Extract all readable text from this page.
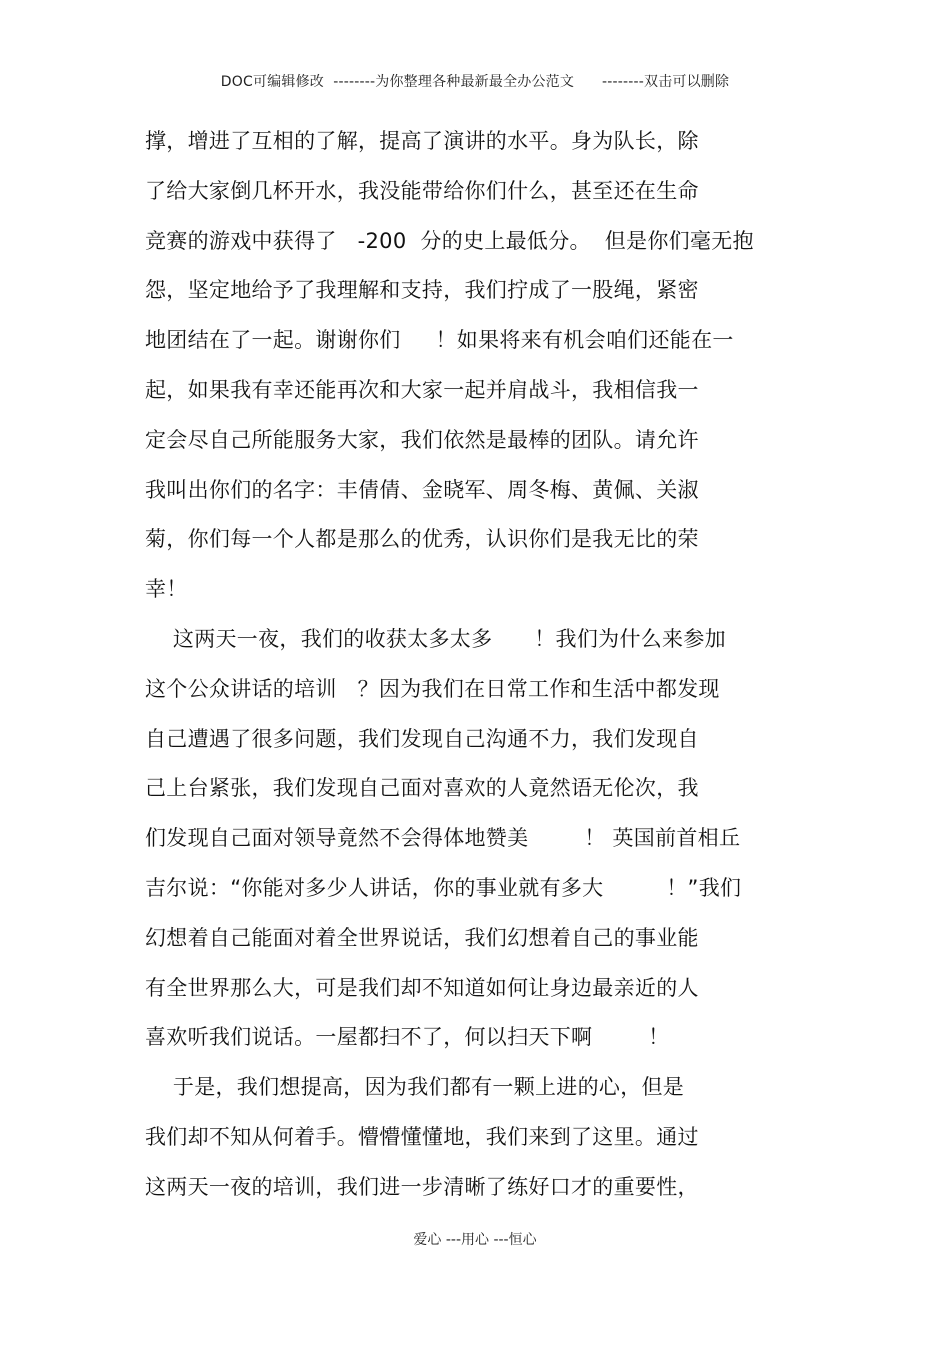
DOC可编辑修改  --------为你整理各种最新最全办公范文      --------双击可以删除
撑，增进了互相的了解，提高了演讲的水平。身为队长，除
了给大家倒几杯开水，我没能带给你们什么，甚至还在生命
竞赛的游戏中获得了   -200  分的史上最低分。  但是你们毫无抱
怨，坚定地给予了我理解和支持，我们拧成了一股绳，紧密
地团结在了一起。谢谢你们     ！如果将来有机会咱们还能在一
起，如果我有幸还能再次和大家一起并肩战斗，我相信我一
定会尽自己所能服务大家，我们依然是最棒的团队。请允许
我叫出你们的名字：丰倩倩、金晓军、周冬梅、黄佩、关淑
菊，你们每一个人都是那么的优秀，认识你们是我无比的荣
幸！
这两天一夜，我们的收获太多太多      ！我们为什么来参加
这个公众讲话的培训   ？因为我们在日常工作和生活中都发现
自己遭遇了很多问题，我们发现自己沟通不力，我们发现自
己上台紧张，我们发现自己面对喜欢的人竟然语无伦次，我
们发现自己面对领导竟然不会得体地赞美        ！ 英国前首相丘
吉尔说：“你能对多少人讲话，你的事业就有多大         ！”我们
幻想着自己能面对着全世界说话，我们幻想着自己的事业能
有全世界那么大，可是我们却不知道如何让身边最亲近的人
喜欢听我们说话。一屋都扫不了，何以扫天下啊        ！
于是，我们想提高，因为我们都有一颗上进的心，但是
我们却不知从何着手。懵懵懂懂地，我们来到了这里。通过
这两天一夜的培训，我们进一步清晰了练好口才的重要性，
爱心 ---用心 ---恒心
